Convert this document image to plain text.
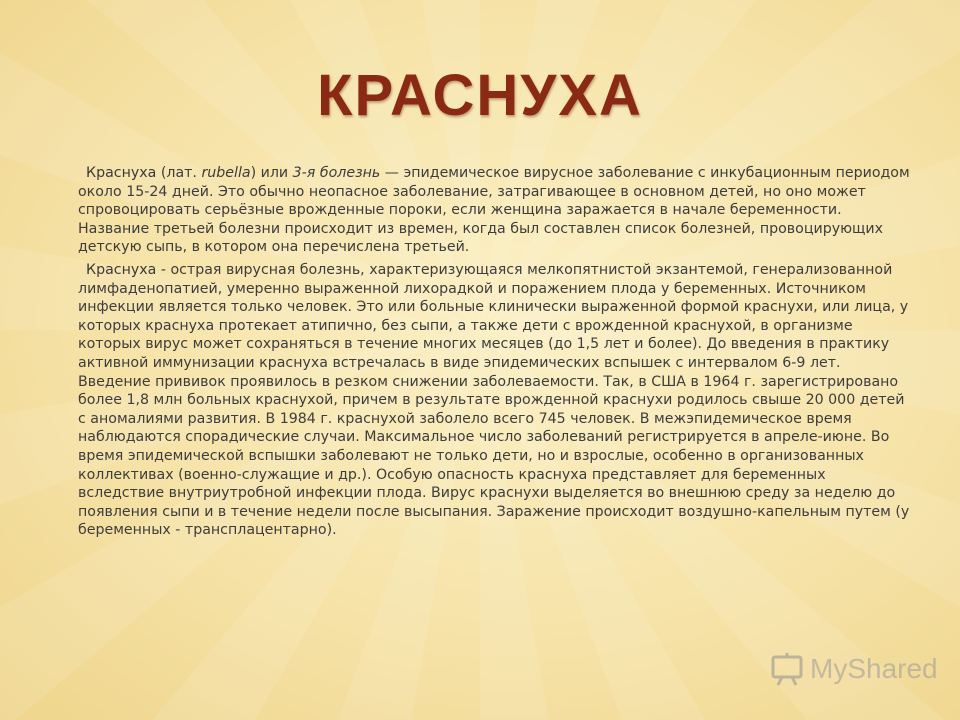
КРАСНУХА

Краснуха (лат. rubella) или 3-я болезнь — эпидемическое вирусное заболевание с инкубационным периодом около 15-24 дней. Это обычно неопасное заболевание, затрагивающее в основном детей, но оно может спровоцировать серьёзные врожденные пороки, если женщина заражается в начале беременности. Название третьей болезни происходит из времен, когда был составлен список болезней, провоцирующих детскую сыпь, в котором она перечислена третьей.

Краснуха - острая вирусная болезнь, характеризующаяся мелкопятнистой экзантемой, генерализованной лимфаденопатией, умеренно выраженной лихорадкой и поражением плода у беременных. Источником инфекции является только человек. Это или больные клинически выраженной формой краснухи, или лица, у которых краснуха протекает атипично, без сыпи, а также дети с врожденной краснухой, в организме которых вирус может сохраняться в течение многих месяцев (до 1,5 лет и более). До введения в практику активной иммунизации краснуха встречалась в виде эпидемических вспышек с интервалом 6-9 лет. Введение прививок проявилось в резком снижении заболеваемости. Так, в США в 1964 г. зарегистрировано более 1,8 млн больных краснухой, причем в результате врожденной краснухи родилось свыше 20 000 детей с аномалиями развития. В 1984 г. краснухой заболело всего 745 человек. В межэпидемическое время наблюдаются спорадические случаи. Максимальное число заболеваний регистрируется в апреле-июне. Во время эпидемической вспышки заболевают не только дети, но и взрослые, особенно в организованных коллективах (военно-служащие и др.). Особую опасность краснуха представляет для беременных вследствие внутриутробной инфекции плода. Вирус краснухи выделяется во внешнюю среду за неделю до появления сыпи и в течение недели после высыпания. Заражение происходит воздушно-капельным путем (у беременных - трансплацентарно).

MyShared
